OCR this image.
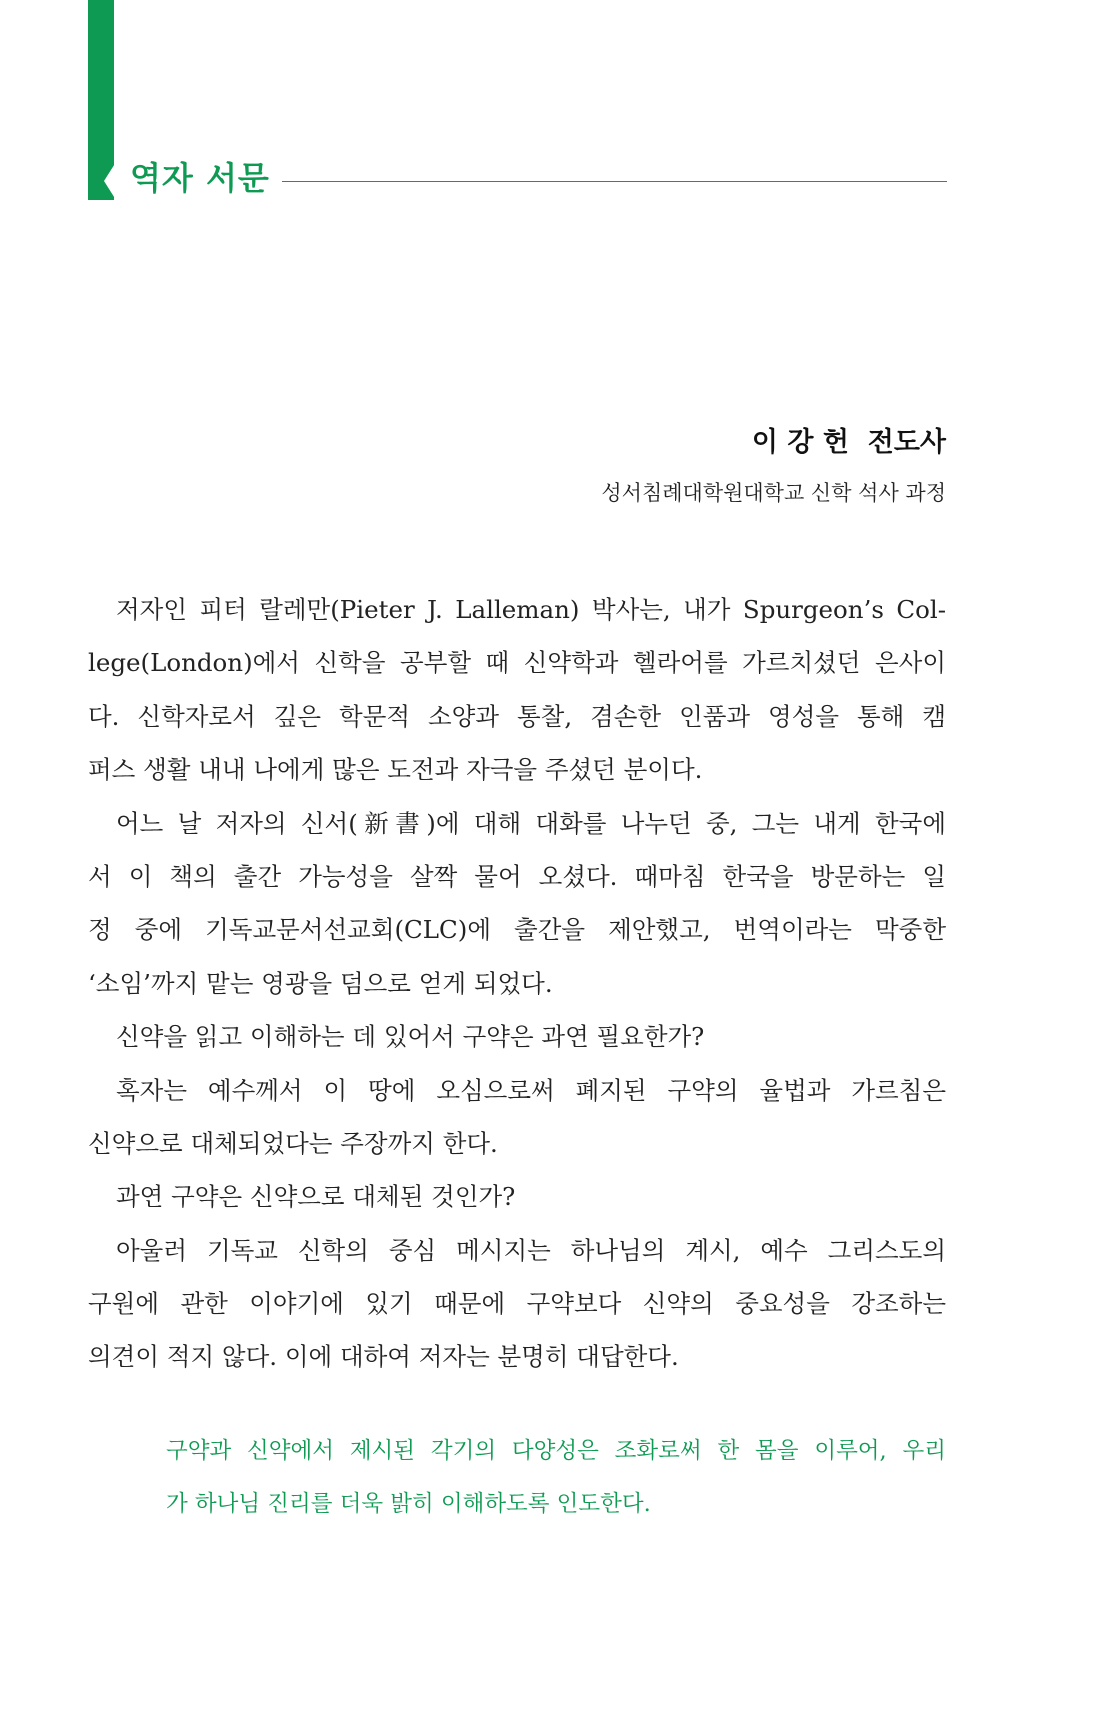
역자 서문
이 강 헌  전도사
성서침례대학원대학교 신학 석사 과정
저자인 피터 랄레만(Pieter J. Lalleman) 박사는, 내가 Spurgeon’s Col-
lege(London)에서 신학을 공부할 때 신약학과 헬라어를 가르치셨던 은사이
다. 신학자로서 깊은 학문적 소양과 통찰, 겸손한 인품과 영성을 통해 캠
퍼스 생활 내내 나에게 많은 도전과 자극을 주셨던 분이다.
어느 날 저자의 신서(新書)에 대해 대화를 나누던 중, 그는 내게 한국에
서 이 책의 출간 가능성을 살짝 물어 오셨다. 때마침 한국을 방문하는 일
정 중에 기독교문서선교회(CLC)에 출간을 제안했고, 번역이라는 막중한
‘소임’까지 맡는 영광을 덤으로 얻게 되었다.
신약을 읽고 이해하는 데 있어서 구약은 과연 필요한가?
혹자는 예수께서 이 땅에 오심으로써 폐지된 구약의 율법과 가르침은
신약으로 대체되었다는 주장까지 한다.
과연 구약은 신약으로 대체된 것인가?
아울러 기독교 신학의 중심 메시지는 하나님의 계시, 예수 그리스도의
구원에 관한 이야기에 있기 때문에 구약보다 신약의 중요성을 강조하는
의견이 적지 않다. 이에 대하여 저자는 분명히 대답한다.
구약과 신약에서 제시된 각기의 다양성은 조화로써 한 몸을 이루어, 우리
가 하나님 진리를 더욱 밝히 이해하도록 인도한다.
